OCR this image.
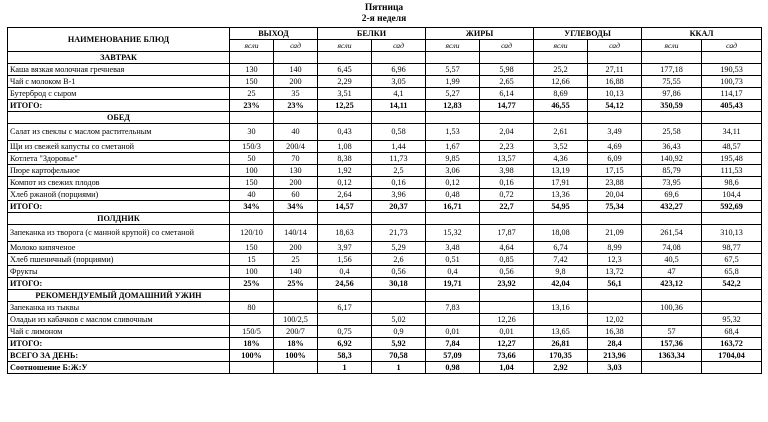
Пятница
2-я неделя
НАИМЕНОВАНИЕ БЛЮД	ВЫХОД		БЕЛКИ		ЖИРЫ		УГЛЕВОДЫ		ККАЛ	
	ясли	сад	ясли	сад	ясли	сад	ясли	сад	ясли	сад
ЗАВТРАК										
Каша вязкая молочная гречневая	130	140	6,45	6,96	5,57	5,98	25,2	27,11	177,18	190,53
Чай с молоком В-1	150	200	2,29	3,05	1,99	2,65	12,66	16,88	75,55	100,73
Бутерброд с сыром	25	35	3,51	4,1	5,27	6,14	8,69	10,13	97,86	114,17
ИТОГО:	23%	23%	12,25	14,11	12,83	14,77	46,55	54,12	350,59	405,43
ОБЕД										
Салат из свеклы с маслом растительным	30	40	0,43	0,58	1,53	2,04	2,61	3,49	25,58	34,11
Щи из свежей капусты со сметаной	150/3	200/4	1,08	1,44	1,67	2,23	3,52	4,69	36,43	48,57
Котлета "Здоровье"	50	70	8,38	11,73	9,85	13,57	4,36	6,09	140,92	195,48
Пюре картофельное	100	130	1,92	2,5	3,06	3,98	13,19	17,15	85,79	111,53
Компот из свежих плодов	150	200	0,12	0,16	0,12	0,16	17,91	23,88	73,95	98,6
Хлеб ржаной (порциями)	40	60	2,64	3,96	0,48	0,72	13,36	20,04	69,6	104,4
ИТОГО:	34%	34%	14,57	20,37	16,71	22,7	54,95	75,34	432,27	592,69
ПОЛДНИК										
Запеканка из творога (с манной крупой) со сметаной	120/10	140/14	18,63	21,73	15,32	17,87	18,08	21,09	261,54	310,13
Молоко кипяченое	150	200	3,97	5,29	3,48	4,64	6,74	8,99	74,08	98,77
Хлеб пшеничный (порциями)	15	25	1,56	2,6	0,51	0,85	7,42	12,3	40,5	67,5
Фрукты	100	140	0,4	0,56	0,4	0,56	9,8	13,72	47	65,8
ИТОГО:	25%	25%	24,56	30,18	19,71	23,92	42,04	56,1	423,12	542,2
РЕКОМЕНДУЕМЫЙ ДОМАШНИЙ УЖИН										
Запеканка из тыквы	80		6,17		7,83		13,16		100,36	
Оладьи из кабачков с маслом сливочным		100/2,5		5,02		12,26		12,02		95,32
Чай с лимоном	150/5	200/7	0,75	0,9	0,01	0,01	13,65	16,38	57	68,4
ИТОГО:	18%	18%	6,92	5,92	7,84	12,27	26,81	28,4	157,36	163,72
ВСЕГО ЗА ДЕНЬ:	100%	100%	58,3	70,58	57,09	73,66	170,35	213,96	1363,34	1704,04
Соотношение Б:Ж:У			1	1	0,98	1,04	2,92	3,03		
